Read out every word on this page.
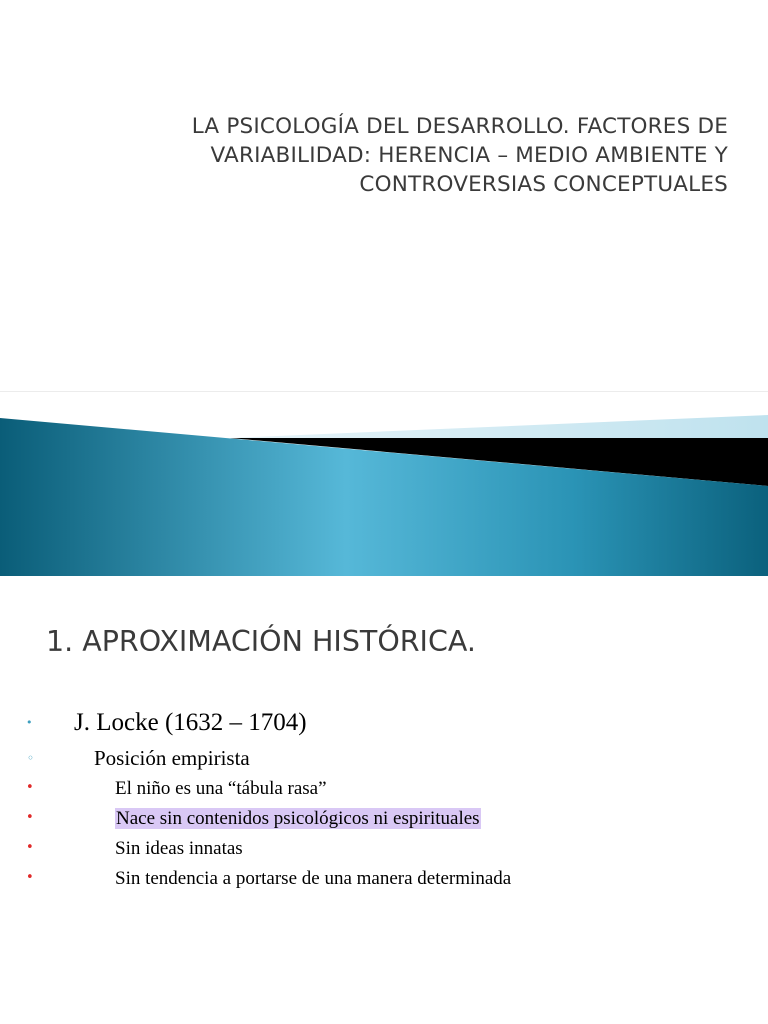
LA PSICOLOGÍA DEL DESARROLLO. FACTORES DE
VARIABILIDAD: HERENCIA – MEDIO AMBIENTE Y
CONTROVERSIAS CONCEPTUALES
1. APROXIMACIÓN HISTÓRICA.
• J. Locke (1632 – 1704)
◦	Posición empirista
•	El niño es una “tábula rasa”
•	Nace sin contenidos psicológicos ni espirituales
•	Sin ideas innatas
•	Sin tendencia a portarse de una manera determinada
